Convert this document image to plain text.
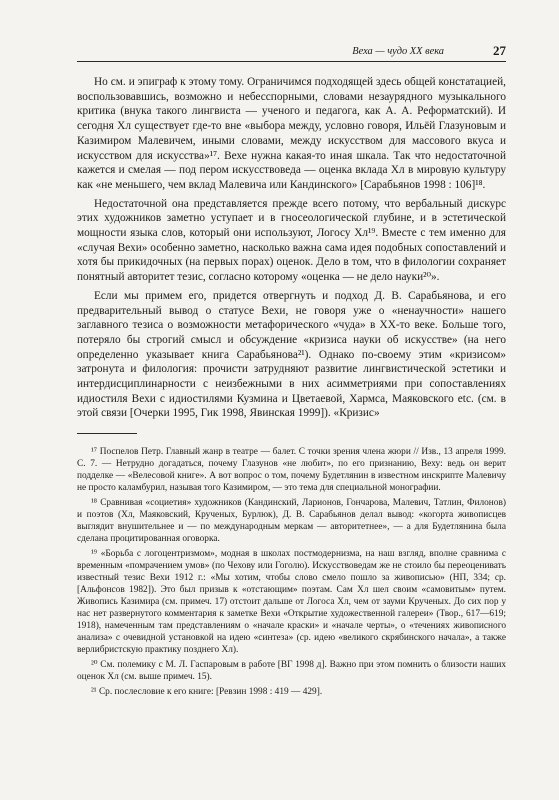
Веха — чудо XX века	27

Но см. и эпиграф к этому тому. Ограничимся подходящей здесь общей констатацией, воспользовавшись, возможно и небесспорными, словами незаурядного музыкального критика (внука такого лингвиста — ученого и педагога, как А. А. Реформатский). И сегодня Хл существует где-то вне «выбора между, условно говоря, Ильёй Глазуновым и Казимиром Малевичем, иными словами, между искусством для массового вкуса и искусством для искусства»¹⁷. Вехе нужна какая-то иная шкала. Так что недостаточной кажется и смелая — под пером искусствоведа — оценка вклада Хл в мировую культуру как «не меньшего, чем вклад Малевича или Кандинского» [Сарабьянов 1998 : 106]¹⁸.

Недостаточной она представляется прежде всего потому, что вербальный дискурс этих художников заметно уступает и в гносеологической глубине, и в эстетической мощности языка слов, который они используют, Логосу Хл¹⁹. Вместе с тем именно для «случая Вехи» особенно заметно, насколько важна сама идея подобных сопоставлений и хотя бы прикидочных (на первых порах) оценок. Дело в том, что в филологии сохраняет понятный авторитет тезис, согласно которому «оценка — не дело науки²⁰».

Если мы примем его, придется отвергнуть и подход Д. В. Сарабьянова, и его предварительный вывод о статусе Вехи, не говоря уже о «ненаучности» нашего заглавного тезиса о возможности метафорического «чуда» в XX-то веке. Больше того, потеряло бы строгий смысл и обсуждение «кризиса науки об искусстве» (на него определенно указывает книга Сарабьянова²¹). Однако по-своему этим «кризисом» затронута и филология: прочисти затрудняют развитие лингвистической эстетики и интердисциплинарности с неизбежными в них асимметриями при сопоставлениях идиостиля Вехи с идиостилями Кузмина и Цветаевой, Хармса, Маяковского etc. (см. в этой связи [Очерки 1995, Гик 1998, Явинская 1999]). «Кризис»

¹⁷ Поспелов Петр. Главный жанр в театре — балет. С точки зрения члена жюри // Изв., 13 апреля 1999. С. 7. — Нетрудно догадаться, почему Глазунов «не любит», по его признанию, Веху: ведь он верит подделке — «Велесовой книге». А вот вопрос о том, почему Будетлянин в известном инскрипте Малевичу не просто каламбурил, называя того Казимиром, — это тема для специальной монографии.

¹⁸ Сравнивая «социетия» художников (Кандинский, Ларионов, Гончарова, Малевич, Татлин, Филонов) и поэтов (Хл, Маяковский, Крученых, Бурлюк), Д. В. Сарабьянов делал вывод: «когорта живописцев выглядит внушительнее и — по международным меркам — авторитетнее», — а для Будетлянина была сделана процитированная оговорка.

¹⁹ «Борьба с логоцентризмом», модная в школах постмодернизма, на наш взгляд, вполне сравнима с временным «помрачением умов» (по Чехову или Гоголю). Искусствоведам же не стоило бы переоценивать известный тезис Вехи 1912 г.: «Мы хотим, чтобы слово смело пошло за живописью» (НП, 334; ср. [Альфонсов 1982]). Это был призыв к «отстающим» поэтам. Сам Хл шел своим «самовитым» путем. Живопись Казимира (см. примеч. 17) отстоит дальше от Логоса Хл, чем от зауми Крученых. До сих пор у нас нет развернутого комментария к заметке Вехи «Открытие художественной галереи» (Твор., 617—619; 1918), намеченным там представлениям о «начале краски» и «начале черты», о «течениях живописного анализа» с очевидной установкой на идею «синтеза» (ср. идею «великого скрябинского начала», а также верлибристскую практику позднего Хл).

²⁰ См. полемику с М. Л. Гаспаровым в работе [ВГ 1998 д]. Важно при этом помнить о близости наших оценок Хл (см. выше примеч. 15).

²¹ Ср. послесловие к его книге: [Ревзин 1998 : 419 — 429].
